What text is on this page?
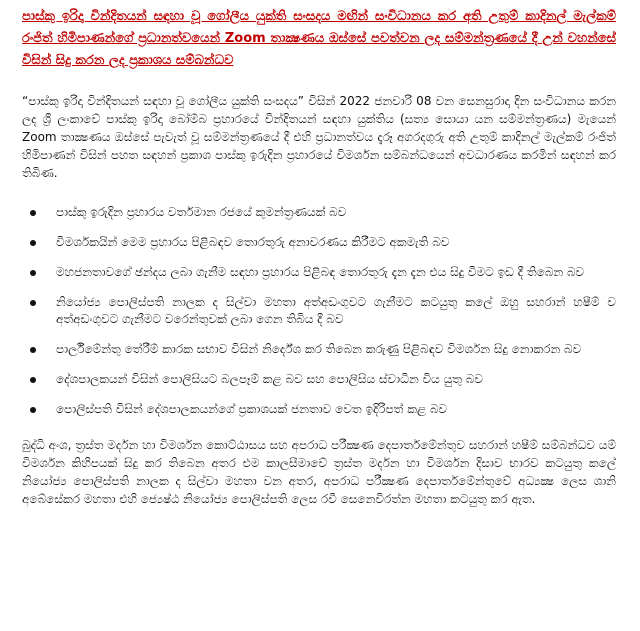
පාස්කු ඉරිදා වින්දිතයන් සඳහා වූ ගෝලීය යුක්ති සංසදය මඟින් සංවිධානය කර අති උතුම් කාදිනල් මැල්කම් රංජිත් හිමිපාණන්ගේ ප්‍රධානත්වයෙන් Zoom තාක්‍ෂණය ඔස්සේ පවත්වන ලද සම්මන්ත්‍රණයේ දී උන් වහන්සේ විසින් සිදු කරන ලද ප්‍රකාශය සම්බන්ධව

“පාස්කු ඉරිදා වින්දිතයන් සඳහා වූ ගෝලීය යුක්ති සංසදය” විසින් 2022 ජනවාරි 08 වන සෙනසුරාදා දින සංවිධානය කරන ලද ශ්‍රී ලංකාවේ පාස්කු ඉරිදා බෝම්බ ප්‍රහාරයේ වින්දිතයන් සඳහා යුක්තිය (සත්‍ය සොයා යන සම්මන්ත්‍රණය) මැයෙන් Zoom තාක්‍ෂණය ඔස්සේ පැවැත් වූ සම්මන්ත්‍රණයේ දී එහි ප්‍රධානත්වය දැරූ අගරදගුරු අති උතුම් කාදිනල් මැල්කම් රංජිත් හිමිපාණන් විසින් පහත සඳහන් ප්‍රකාශ පාස්කු ඉරුදින ප්‍රහාරයේ විමර්ශන සම්බන්ධයෙන් අවධාරණය කරමින් සඳහන් කර තිබිණ.

පාස්කු ඉරුදින ප්‍රහාරය වර්තමාන රජයේ කුමන්ත්‍රණයක් බව
විමර්ශකයින් මෙම ප්‍රහාරය පිළිබඳව තොරතුරු අනාවරණය කිරීමට අකමැති බව
මහජනතාවගේ ඡන්දය ලබා ගැනීම සඳහා ප්‍රහාරය පිළිබඳ තොරතුරු දැන දැන එය සිදු වීමට ඉඩ දී තිබෙන බව
නියෝජ්‍ය පොලිස්පති නාලක ද සිල්වා මහතා අත්අඩංගුවට ගැනීමට කටයුතු කලේ ඔහු සහරාන් හෂීම් ව අත්අඩංගුවට ගැනීමට වරෙන්තුවක් ලබා ගෙන තිබිය දී බව
පාර්ලිමේන්තු තේරීම් කාරක සභාව විසින් නිර්දේශ කර තිබෙන කරුණු පිළිබඳව විමර්ශන සිදු නොකරන බව
දේශපාලකයන් විසින් පොලිසියට බලපෑම් කළ බව සහ පොලිසිය ස්වාධීන විය යුතු බව
පොලිස්පති විසින් දේශපාලකයන්ගේ ප්‍රකාශයක් ජනතාව වෙත ඉදිරිපත් කළ බව

බුද්ධි අංශ, ත්‍රස්ත මර්දන හා විමර්ශන කොට්ඨාසය සහ අපරාධ පරීක්‍ෂණ දෙපාර්තමේන්තුව සහරාන් හෂීම් සම්බන්ධව යම් විමර්ශන කිහිපයක් සිදු කර තිබෙන අතර එම කාලසීමාවේ ත්‍රස්ත මර්දන හා විමර්ශන දිසාව භාරව කටයුතු කලේ නියෝජ්‍ය පොලිස්පති නාලක ද සිල්වා මහතා වන අතර, අපරාධ පරීක්‍ෂණ දෙපාර්තමේන්තුවේ අධ්‍යක්‍ෂ ලෙස ශානි අබේසේකර මහතා එහි ජ්‍යෙෂ්ඨ නියෝජ්‍ය පොලිස්පති ලෙස රවී සෙනෙවිරත්න මහතා කටයුතු කර ඇත.
